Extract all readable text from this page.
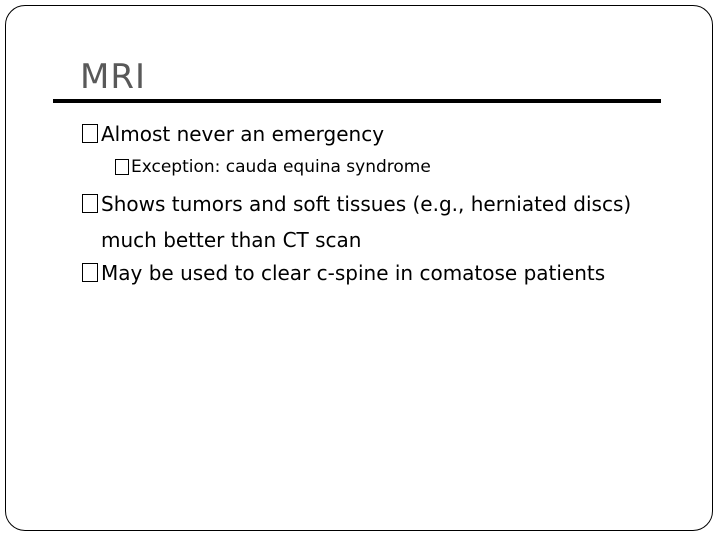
MRI
Almost never an emergency
Exception: cauda equina syndrome
Shows tumors and soft tissues (e.g., herniated discs) much better than CT scan
May be used to clear c-spine in comatose patients
